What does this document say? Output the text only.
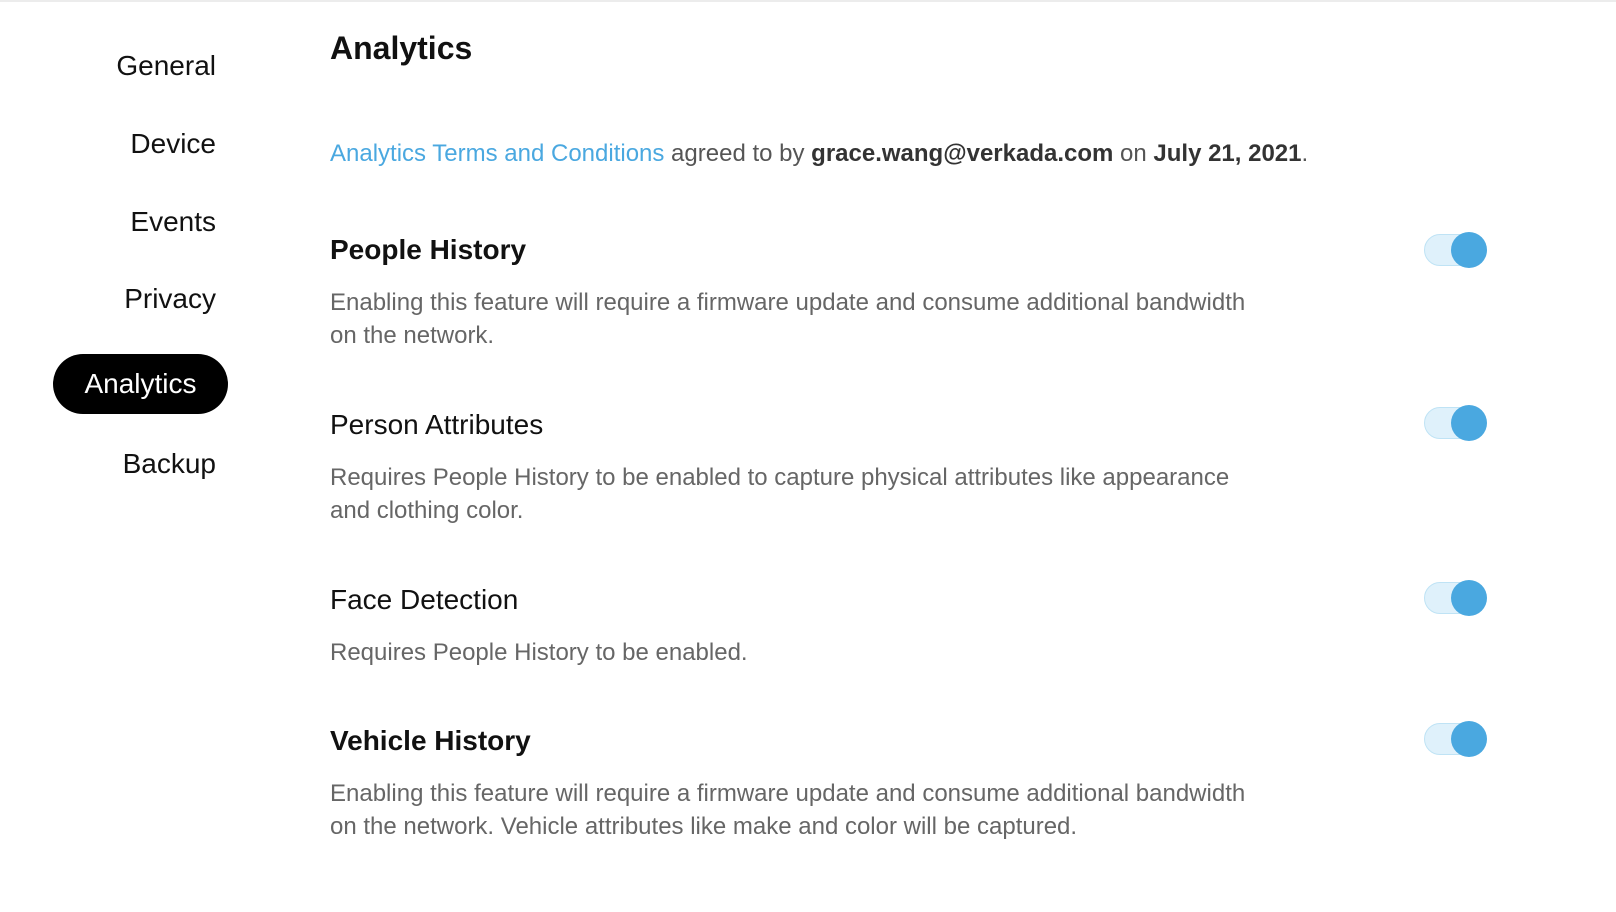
General
Device
Events
Privacy
Analytics
Backup
Analytics
Analytics Terms and Conditions agreed to by grace.wang@verkada.com on July 21, 2021.
People History
Enabling this feature will require a firmware update and consume additional bandwidth on the network.
Person Attributes
Requires People History to be enabled to capture physical attributes like appearance and clothing color.
Face Detection
Requires People History to be enabled.
Vehicle History
Enabling this feature will require a firmware update and consume additional bandwidth on the network. Vehicle attributes like make and color will be captured.
